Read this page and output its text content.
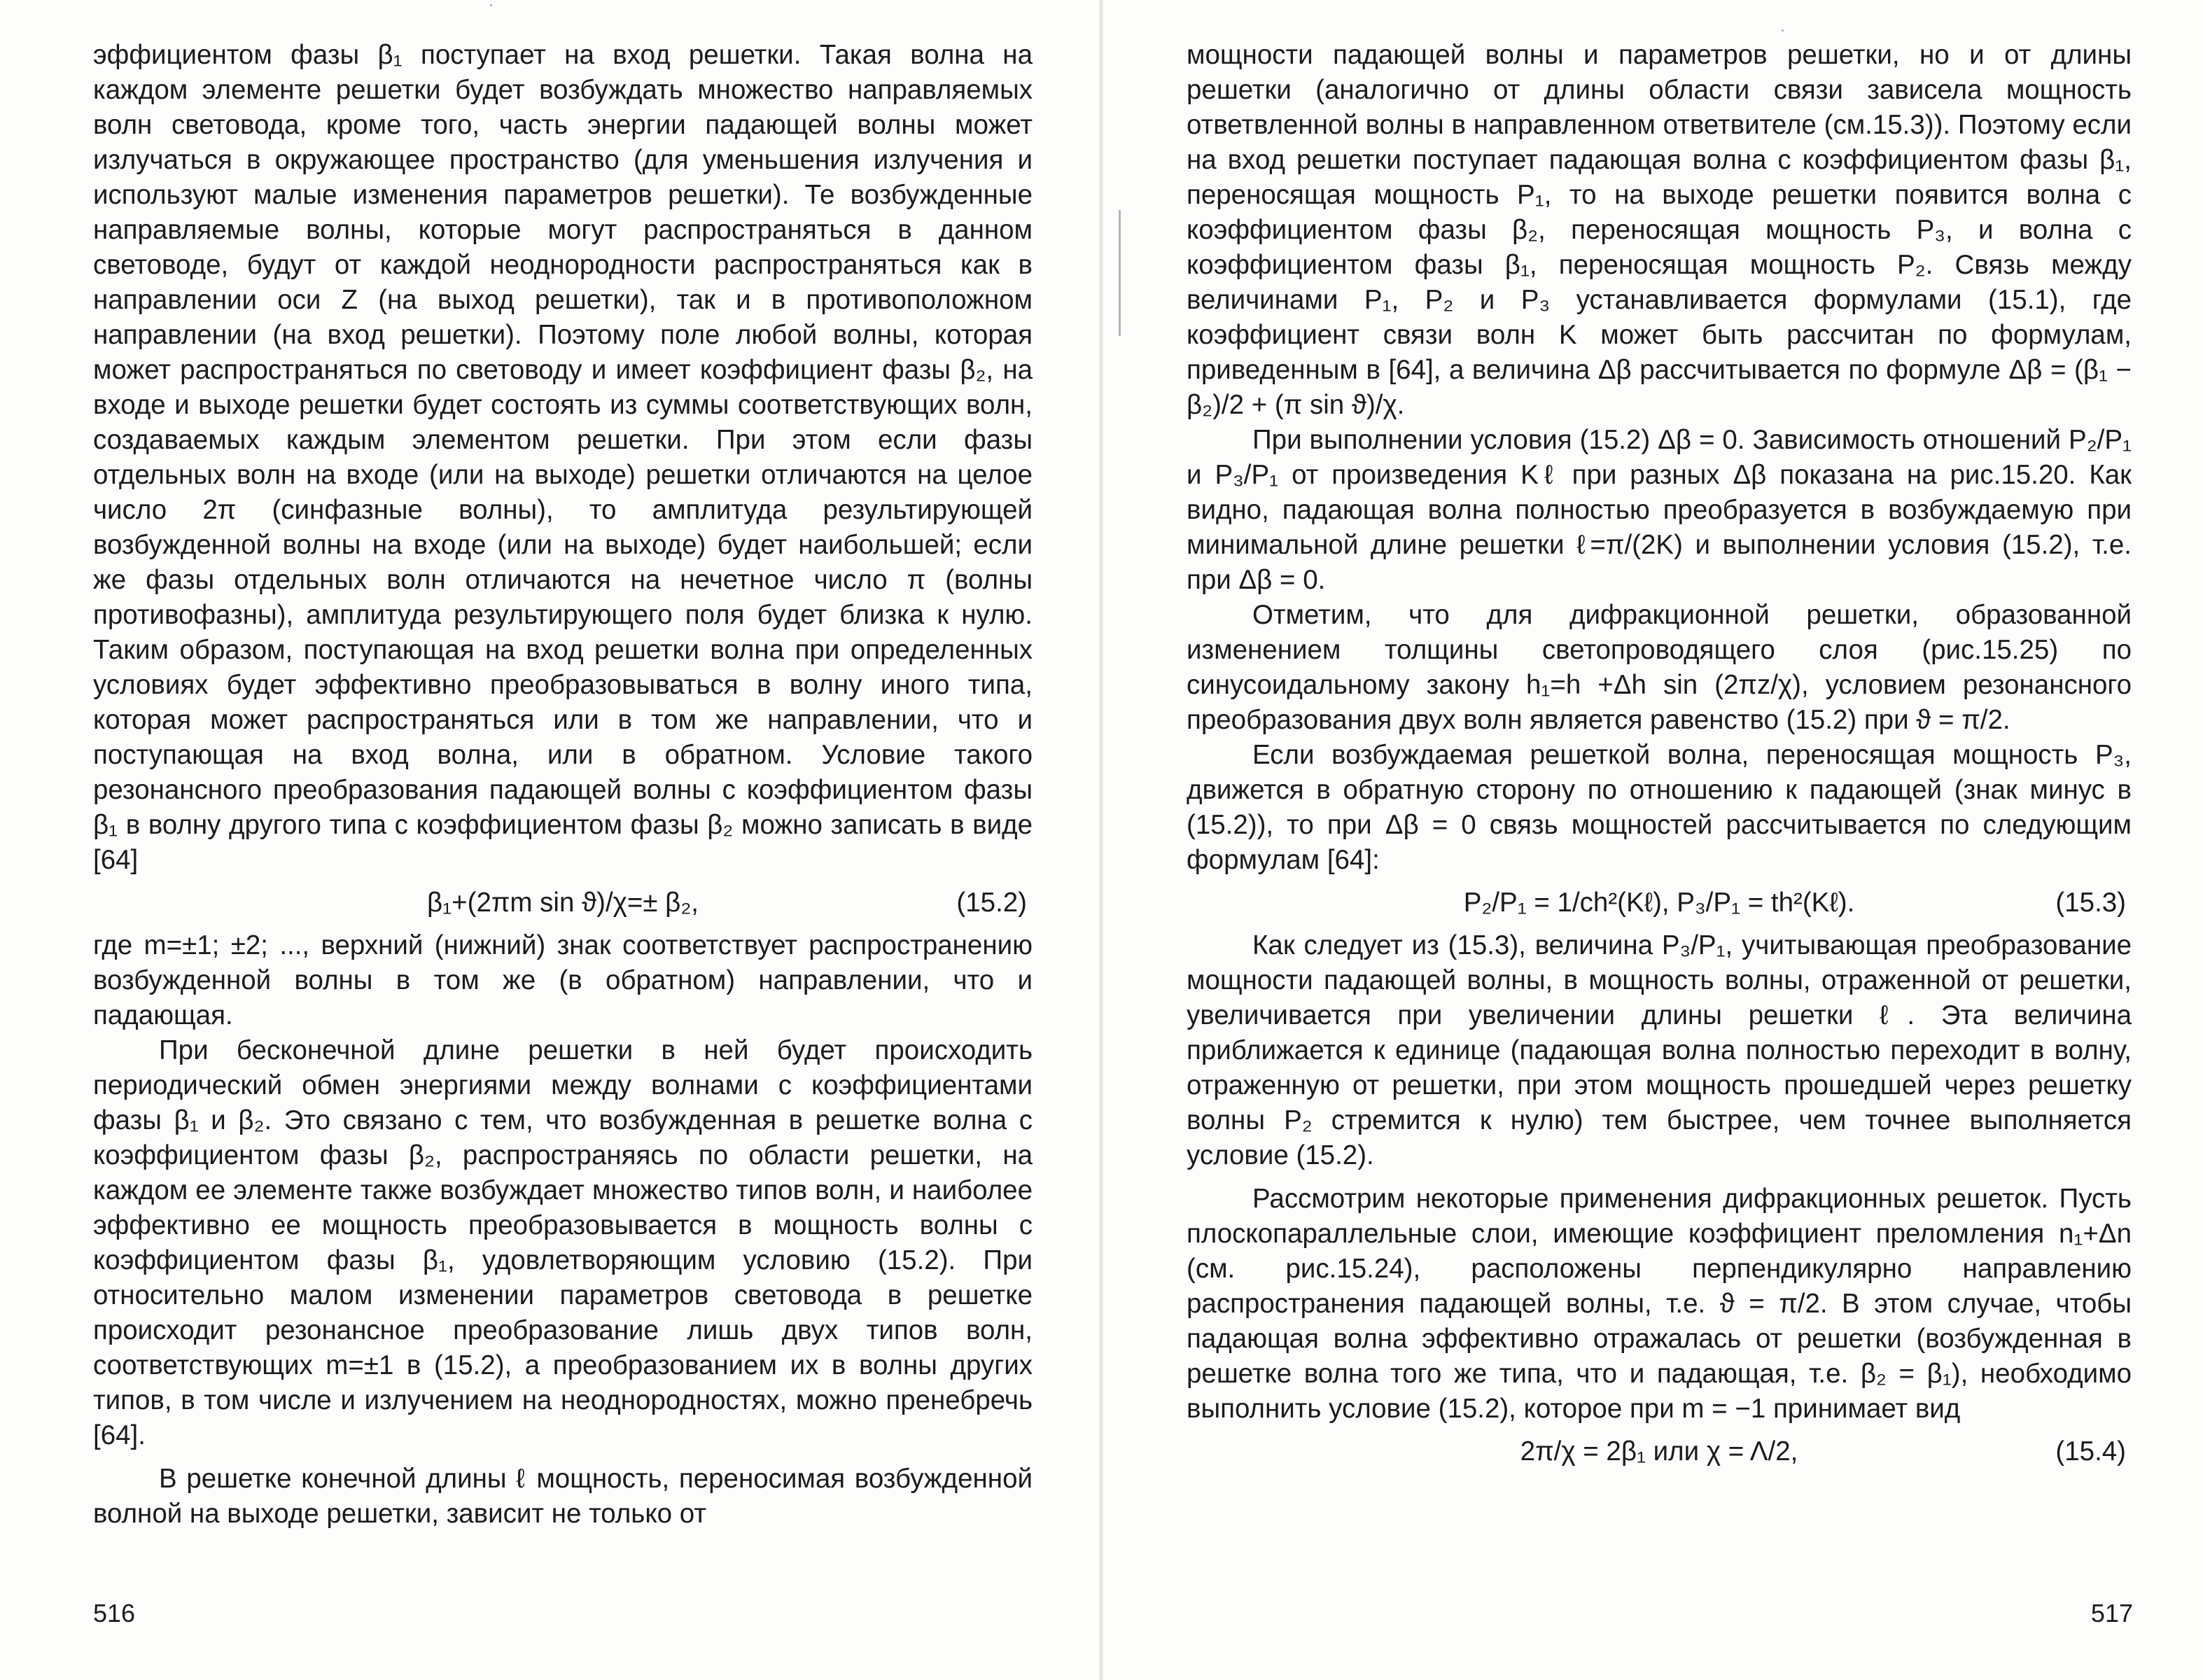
эффициентом фазы β₁ поступает на вход решетки. Такая волна на каждом элементе решетки будет возбуждать множество направляемых волн световода, кроме того, часть энергии падающей волны может излучаться в окружающее пространство (для уменьшения излучения и используют малые изменения параметров решетки). Те возбужденные направляемые волны, которые могут распространяться в данном световоде, будут от каждой неоднородности распространяться как в направлении оси Z (на выход решетки), так и в противоположном направлении (на вход решетки). Поэтому поле любой волны, которая может распространяться по световоду и имеет коэффициент фазы β₂, на входе и выходе решетки будет состоять из суммы соответствующих волн, создаваемых каждым элементом решетки. При этом если фазы отдельных волн на входе (или на выходе) решетки отличаются на целое число 2π (синфазные волны), то амплитуда результирующей возбужденной волны на входе (или на выходе) будет наибольшей; если же фазы отдельных волн отличаются на нечетное число π (волны противофазны), амплитуда результирующего поля будет близка к нулю. Таким образом, поступающая на вход решетки волна при определенных условиях будет эффективно преобразовываться в волну иного типа, которая может распространяться или в том же направлении, что и поступающая на вход волна, или в обратном. Условие такого резонансного преобразования падающей волны с коэффициентом фазы β₁ в волну другого типа с коэффициентом фазы β₂ можно записать в виде [64]

β₁+(2πm sin ϑ)/χ=± β₂,	(15.2)

где m=±1; ±2; ..., верхний (нижний) знак соответствует распространению возбужденной волны в том же (в обратном) направлении, что и падающая.

При бесконечной длине решетки в ней будет происходить периодический обмен энергиями между волнами с коэффициентами фазы β₁ и β₂. Это связано с тем, что возбужденная в решетке волна с коэффициентом фазы β₂, распространяясь по области решетки, на каждом ее элементе также возбуждает множество типов волн, и наиболее эффективно ее мощность преобразовывается в мощность волны с коэффициентом фазы β₁, удовлетворяющим условию (15.2). При относительно малом изменении параметров световода в решетке происходит резонансное преобразование лишь двух типов волн, соответствующих m=±1 в (15.2), а преобразованием их в волны других типов, в том числе и излучением на неоднородностях, можно пренебречь [64].

В решетке конечной длины ℓ мощность, переносимая возбужденной волной на выходе решетки, зависит не только от

516

мощности падающей волны и параметров решетки, но и от длины решетки (аналогично от длины области связи зависела мощность ответвленной волны в направленном ответвителе (см.15.3)). Поэтому если на вход решетки поступает падающая волна с коэффициентом фазы β₁, переносящая мощность P₁, то на выходе решетки появится волна с коэффициентом фазы β₂, переносящая мощность P₃, и волна с коэффициентом фазы β₁, переносящая мощность P₂. Связь между величинами P₁, P₂ и P₃ устанавливается формулами (15.1), где коэффициент связи волн K может быть рассчитан по формулам, приведенным в [64], а величина Δβ рассчитывается по формуле Δβ = (β₁ − β₂)/2 + (π sin ϑ)/χ.

При выполнении условия (15.2) Δβ = 0. Зависимость отношений P₂/P₁ и P₃/P₁ от произведения Kℓ при разных Δβ показана на рис.15.20. Как видно, падающая волна полностью преобразуется в возбуждаемую при минимальной длине решетки ℓ=π/(2K) и выполнении условия (15.2), т.е. при Δβ = 0.

Отметим, что для дифракционной решетки, образованной изменением толщины светопроводящего слоя (рис.15.25) по синусоидальному закону h₁=h +Δh sin (2πz/χ), условием резонансного преобразования двух волн является равенство (15.2) при ϑ = π/2.

Если возбуждаемая решеткой волна, переносящая мощность P₃, движется в обратную сторону по отношению к падающей (знак минус в (15.2)), то при Δβ = 0 связь мощностей рассчитывается по следующим формулам [64]:

P₂/P₁ = 1/ch²(Kℓ), P₃/P₁ = th²(Kℓ).	(15.3)

Как следует из (15.3), величина P₃/P₁, учитывающая преобразование мощности падающей волны, в мощность волны, отраженной от решетки, увеличивается при увеличении длины решетки ℓ. Эта величина приближается к единице (падающая волна полностью переходит в волну, отраженную от решетки, при этом мощность прошедшей через решетку волны P₂ стремится к нулю) тем быстрее, чем точнее выполняется условие (15.2).

Рассмотрим некоторые применения дифракционных решеток. Пусть плоскопараллельные слои, имеющие коэффициент преломления n₁+Δn (см. рис.15.24), расположены перпендикулярно направлению распространения падающей волны, т.е. ϑ = π/2. В этом случае, чтобы падающая волна эффективно отражалась от решетки (возбужденная в решетке волна того же типа, что и падающая, т.е. β₂ = β₁), необходимо выполнить условие (15.2), которое при m = −1 принимает вид

2π/χ = 2β₁ или χ = Λ/2,	(15.4)
517
